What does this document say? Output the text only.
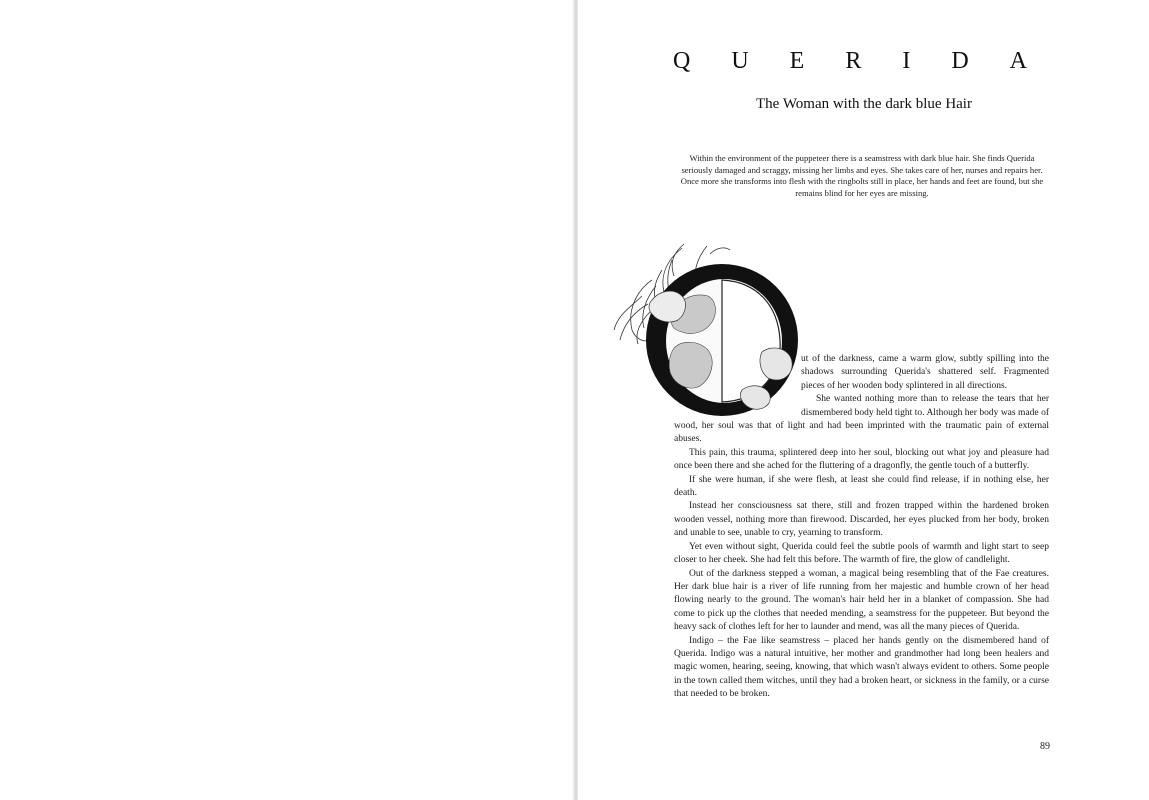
QUERIDA
The Woman with the dark blue Hair

Within the environment of the puppeteer there is a seamstress with dark blue hair. She finds Querida seriously damaged and scraggy, missing her limbs and eyes. She takes care of her, nurses and repairs her. Once more she transforms into flesh with the ringbolts still in place, her hands and feet are found, but she remains blind for her eyes are missing.

ut of the darkness, came a warm glow, subtly spilling into the shadows surrounding Querida's shattered self. Fragmented pieces of her wooden body splintered in all directions.

She wanted nothing more than to release the tears that her dismembered body held tight to. Although her body was made of wood, her soul was that of light and had been imprinted with the traumatic pain of external abuses.

This pain, this trauma, splintered deep into her soul, blocking out what joy and pleasure had once been there and she ached for the fluttering of a dragonfly, the gentle touch of a butterfly.

If she were human, if she were flesh, at least she could find release, if in nothing else, her death.

Instead her consciousness sat there, still and frozen trapped within the hardened broken wooden vessel, nothing more than firewood. Discarded, her eyes plucked from her body, broken and unable to see, unable to cry, yearning to transform.

Yet even without sight, Querida could feel the subtle pools of warmth and light start to seep closer to her cheek. She had felt this before. The warmth of fire, the glow of candlelight.

Out of the darkness stepped a woman, a magical being resembling that of the Fae creatures. Her dark blue hair is a river of life running from her majestic and humble crown of her head flowing nearly to the ground. The woman's hair held her in a blanket of compassion. She had come to pick up the clothes that needed mending, a seamstress for the puppeteer. But beyond the heavy sack of clothes left for her to launder and mend, was all the many pieces of Querida.

Indigo – the Fae like seamstress – placed her hands gently on the dismembered hand of Querida. Indigo was a natural intuitive, her mother and grandmother had long been healers and magic women, hearing, seeing, knowing, that which wasn't always evident to others. Some people in the town called them witches, until they had a broken heart, or sickness in the family, or a curse that needed to be broken.

89
